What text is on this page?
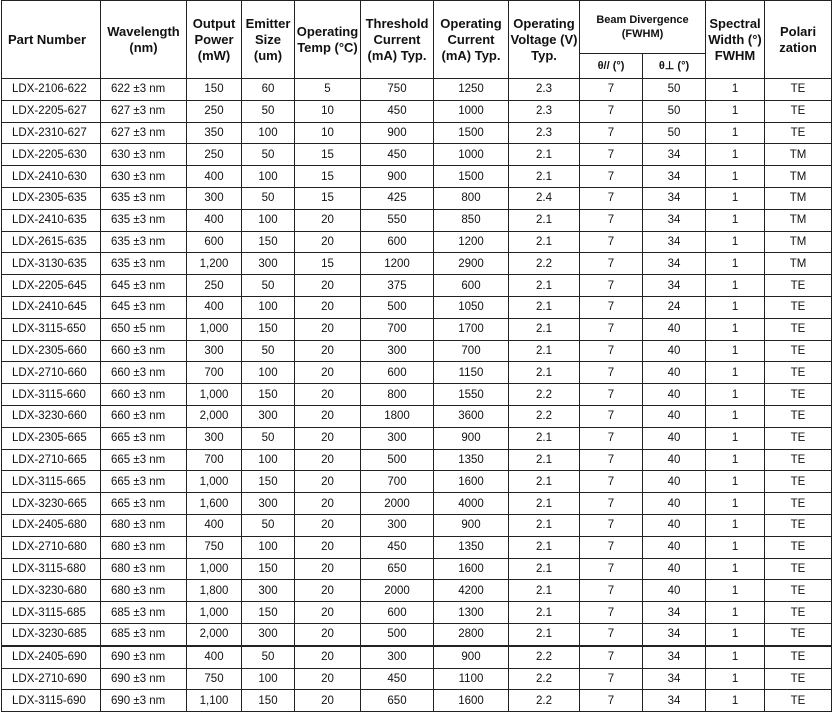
Part Number	Wavelength (nm)	Output Power (mW)	Emitter Size (um)	Operating Temp (°C)	Threshold Current (mA) Typ.	Operating Current (mA) Typ.	Operating Voltage (V) Typ.	Beam Divergence (FWHM)		Spectral Width (°) FWHM	Polari zation
								θ// (°)	θ⊥ (°)		
LDX-2106-622	622 ±3 nm	150	60	5	750	1250	2.3	7	50	1	TE
LDX-2205-627	627 ±3 nm	250	50	10	450	1000	2.3	7	50	1	TE
LDX-2310-627	627 ±3 nm	350	100	10	900	1500	2.3	7	50	1	TE
LDX-2205-630	630 ±3 nm	250	50	15	450	1000	2.1	7	34	1	TM
LDX-2410-630	630 ±3 nm	400	100	15	900	1500	2.1	7	34	1	TM
LDX-2305-635	635 ±3 nm	300	50	15	425	800	2.4	7	34	1	TM
LDX-2410-635	635 ±3 nm	400	100	20	550	850	2.1	7	34	1	TM
LDX-2615-635	635 ±3 nm	600	150	20	600	1200	2.1	7	34	1	TM
LDX-3130-635	635 ±3 nm	1,200	300	15	1200	2900	2.2	7	34	1	TM
LDX-2205-645	645 ±3 nm	250	50	20	375	600	2.1	7	34	1	TE
LDX-2410-645	645 ±3 nm	400	100	20	500	1050	2.1	7	24	1	TE
LDX-3115-650	650 ±5 nm	1,000	150	20	700	1700	2.1	7	40	1	TE
LDX-2305-660	660 ±3 nm	300	50	20	300	700	2.1	7	40	1	TE
LDX-2710-660	660 ±3 nm	700	100	20	600	1150	2.1	7	40	1	TE
LDX-3115-660	660 ±3 nm	1,000	150	20	800	1550	2.2	7	40	1	TE
LDX-3230-660	660 ±3 nm	2,000	300	20	1800	3600	2.2	7	40	1	TE
LDX-2305-665	665 ±3 nm	300	50	20	300	900	2.1	7	40	1	TE
LDX-2710-665	665 ±3 nm	700	100	20	500	1350	2.1	7	40	1	TE
LDX-3115-665	665 ±3 nm	1,000	150	20	700	1600	2.1	7	40	1	TE
LDX-3230-665	665 ±3 nm	1,600	300	20	2000	4000	2.1	7	40	1	TE
LDX-2405-680	680 ±3 nm	400	50	20	300	900	2.1	7	40	1	TE
LDX-2710-680	680 ±3 nm	750	100	20	450	1350	2.1	7	40	1	TE
LDX-3115-680	680 ±3 nm	1,000	150	20	650	1600	2.1	7	40	1	TE
LDX-3230-680	680 ±3 nm	1,800	300	20	2000	4200	2.1	7	40	1	TE
LDX-3115-685	685 ±3 nm	1,000	150	20	600	1300	2.1	7	34	1	TE
LDX-3230-685	685 ±3 nm	2,000	300	20	500	2800	2.1	7	34	1	TE
LDX-2405-690	690 ±3 nm	400	50	20	300	900	2.2	7	34	1	TE
LDX-2710-690	690 ±3 nm	750	100	20	450	1100	2.2	7	34	1	TE
LDX-3115-690	690 ±3 nm	1,100	150	20	650	1600	2.2	7	34	1	TE
